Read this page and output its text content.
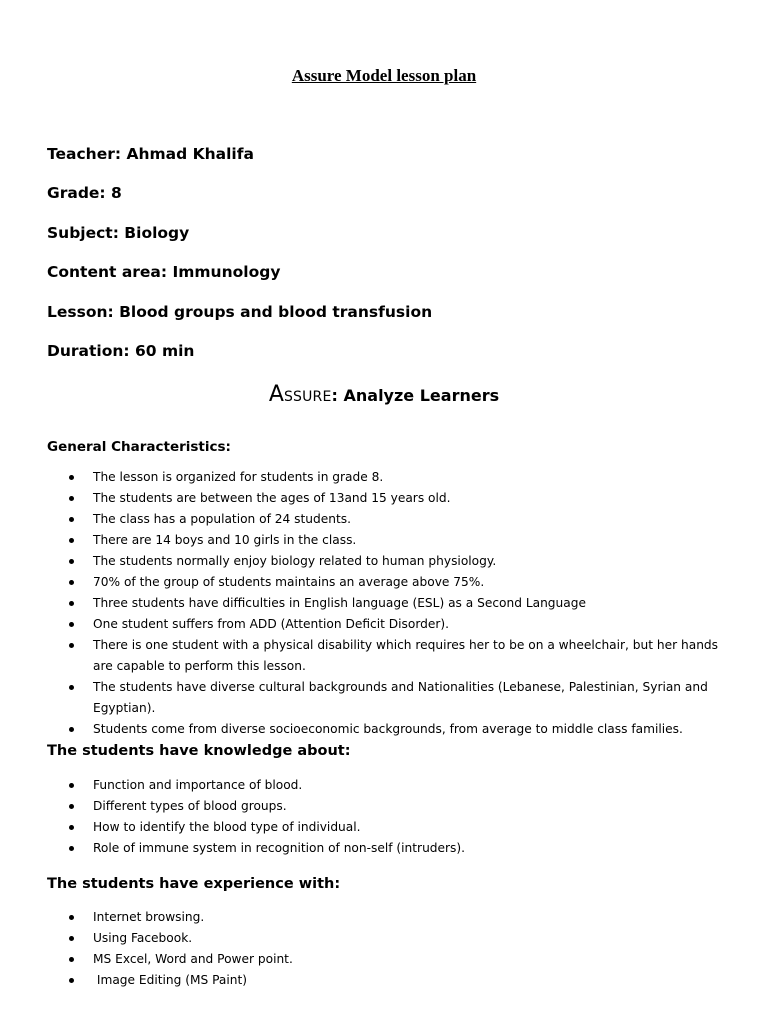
Assure Model lesson plan
Teacher: Ahmad Khalifa
Grade: 8
Subject: Biology
Content area: Immunology
Lesson: Blood groups and blood transfusion
Duration: 60 min
ASSURE: Analyze Learners
General Characteristics:
The lesson is organized for students in grade 8.
The students are between the ages of 13and 15 years old.
The class has a population of 24 students.
There are 14 boys and 10 girls in the class.
The students normally enjoy biology related to human physiology.
70% of the group of students maintains an average above 75%.
Three students have difficulties in English language (ESL) as a Second Language
One student suffers from ADD (Attention Deficit Disorder).
There is one student with a physical disability which requires her to be on a wheelchair, but her hands are capable to perform this lesson.
The students have diverse cultural backgrounds and Nationalities (Lebanese, Palestinian, Syrian and Egyptian).
Students come from diverse socioeconomic backgrounds, from average to middle class families.
The students have knowledge about:
Function and importance of blood.
Different types of blood groups.
How to identify the blood type of individual.
Role of immune system in recognition of non-self (intruders).
The students have experience with:
Internet browsing.
Using Facebook.
MS Excel, Word and Power point.
Image Editing (MS Paint)
